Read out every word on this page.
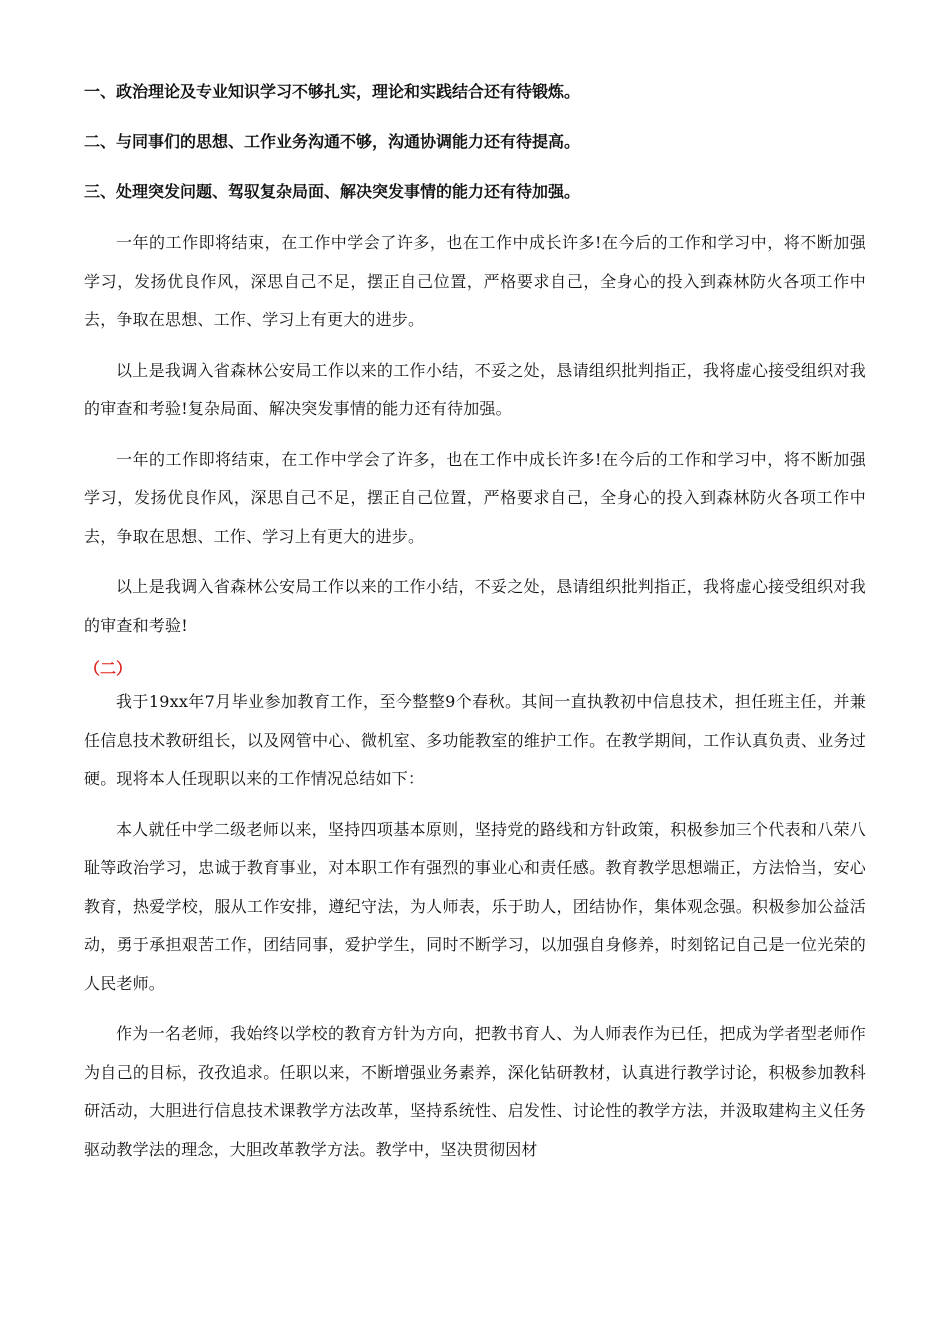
一、政治理论及专业知识学习不够扎实，理论和实践结合还有待锻炼。
二、与同事们的思想、工作业务沟通不够，沟通协调能力还有待提高。
三、处理突发问题、驾驭复杂局面、解决突发事情的能力还有待加强。

一年的工作即将结束，在工作中学会了许多，也在工作中成长许多!在今后的工作和学习中，将不断加强学习，发扬优良作风，深思自己不足，摆正自己位置，严格要求自己，全身心的投入到森林防火各项工作中去，争取在思想、工作、学习上有更大的进步。

以上是我调入省森林公安局工作以来的工作小结，不妥之处，恳请组织批判指正，我将虚心接受组织对我的审查和考验!复杂局面、解决突发事情的能力还有待加强。

一年的工作即将结束，在工作中学会了许多，也在工作中成长许多!在今后的工作和学习中，将不断加强学习，发扬优良作风，深思自己不足，摆正自己位置，严格要求自己，全身心的投入到森林防火各项工作中去，争取在思想、工作、学习上有更大的进步。

以上是我调入省森林公安局工作以来的工作小结，不妥之处，恳请组织批判指正，我将虚心接受组织对我的审查和考验!

（二）

我于19xx年7月毕业参加教育工作，至今整整9个春秋。其间一直执教初中信息技术，担任班主任，并兼任信息技术教研组长，以及网管中心、微机室、多功能教室的维护工作。在教学期间，工作认真负责、业务过硬。现将本人任现职以来的工作情况总结如下：

本人就任中学二级老师以来，坚持四项基本原则，坚持党的路线和方针政策，积极参加三个代表和八荣八耻等政治学习，忠诚于教育事业，对本职工作有强烈的事业心和责任感。教育教学思想端正，方法恰当，安心教育，热爱学校，服从工作安排，遵纪守法，为人师表，乐于助人，团结协作，集体观念强。积极参加公益活动，勇于承担艰苦工作，团结同事，爱护学生，同时不断学习，以加强自身修养，时刻铭记自己是一位光荣的人民老师。

作为一名老师，我始终以学校的教育方针为方向，把教书育人、为人师表作为已任，把成为学者型老师作为自己的目标，孜孜追求。任职以来，不断增强业务素养，深化钻研教材，认真进行教学讨论，积极参加教科研活动，大胆进行信息技术课教学方法改革，坚持系统性、启发性、讨论性的教学方法，并汲取建构主义任务驱动教学法的理念，大胆改革教学方法。教学中，坚决贯彻因材
